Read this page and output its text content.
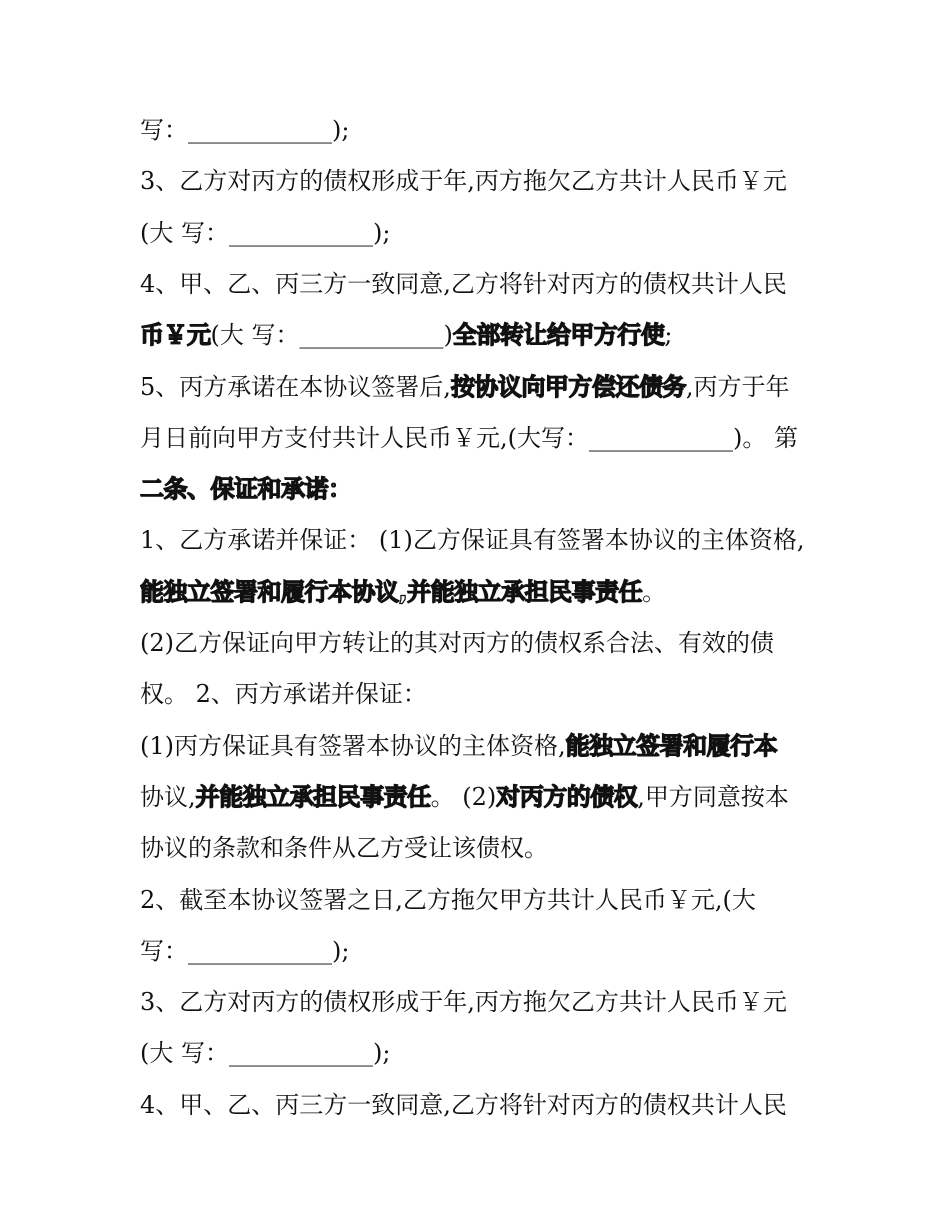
写：____________);
3、乙方对丙方的债权形成于年,丙方拖欠乙方共计人民币￥元
(大 写：____________);
4、甲、乙、丙三方一致同意,乙方将针对丙方的债权共计人民
币￥元(大 写：____________)全部转让给甲方行使;
5、丙方承诺在本协议签署后,按协议向甲方偿还债务,丙方于年
月日前向甲方支付共计人民币￥元,(大写：____________)。 第
二条、保证和承诺：
1、乙方承诺并保证： (1)乙方保证具有签署本协议的主体资格,
能独立签署和履行本协议,并能独立承担民事责任。
(2)乙方保证向甲方转让的其对丙方的债权系合法、有效的债
权。 2、丙方承诺并保证：
(1)丙方保证具有签署本协议的主体资格,能独立签署和履行本
协议,并能独立承担民事责任。 (2)对丙方的债权,甲方同意按本
协议的条款和条件从乙方受让该债权。
2、截至本协议签署之日,乙方拖欠甲方共计人民币￥元,(大
写：____________);
3、乙方对丙方的债权形成于年,丙方拖欠乙方共计人民币￥元
(大 写：____________);
4、甲、乙、丙三方一致同意,乙方将针对丙方的债权共计人民
